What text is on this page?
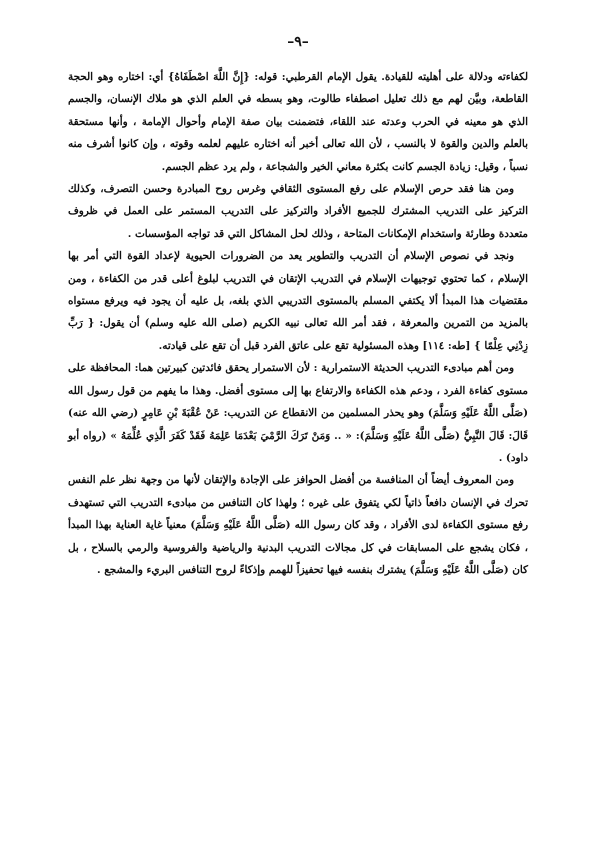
–٩–

لكفاءته ودلالة على أهليته للقيادة. يقول الإمام القرطبي: قوله: {إِنَّ اللَّهَ اصْطَفَاهُ} أي: اختاره وهو الحجة القاطعة، وبيَّن لهم مع ذلك تعليل اصطفاء طالوت، وهو بسطه في العلم الذي هو ملاك الإنسان، والجسم الذي هو معينه في الحرب وعدته عند اللقاء، فتضمنت بيان صفة الإمام وأحوال الإمامة ، وأنها مستحقة بالعلم والدين والقوة لا بالنسب ، لأن الله تعالى أخبر أنه اختاره عليهم لعلمه وقوته ، وإن كانوا أشرف منه نسباً ، وقيل: زيادة الجسم كانت بكثرة معاني الخير والشجاعة ، ولم يرد عظم الجسم.

ومن هنا فقد حرص الإسلام على رفع المستوى الثقافي وغرس روح المبادرة وحسن التصرف، وكذلك التركيز على التدريب المشترك للجميع الأفراد والتركيز على التدريب المستمر على العمل في ظروف متعددة وطارئة واستخدام الإمكانات المتاحة ، وذلك لحل المشاكل التي قد تواجه المؤسسات .

ونجد في نصوص الإسلام أن التدريب والتطوير يعد من الضرورات الحيوية لإعداد القوة التي أمر بها الإسلام ، كما تحتوي توجيهات الإسلام في التدريب الإتقان في التدريب لبلوغ أعلى قدر من الكفاءة ، ومن مقتضيات هذا المبدأ ألا يكتفي المسلم بالمستوى التدريبي الذي بلغه، بل عليه أن يجود فيه ويرفع مستواه بالمزيد من التمرين والمعرفة ، فقد أمر الله تعالى نبيه الكريم (صلى الله عليه وسلم) أن يقول: { رَبِّ زِدْنِي عِلْمًا } [طه: ١١٤] وهذه المسئولية تقع على عاتق الفرد قبل أن تقع على قيادته.

ومن أهم مبادىء التدريب الحديثة الاستمرارية : لأن الاستمرار يحقق فائدتين كبيرتين هما: المحافظة على مستوى كفاءة الفرد ، ودعم هذه الكفاءة والارتفاع بها إلى مستوى أفضل. وهذا ما يفهم من قول رسول الله (صَلَّى اللَّهُ عَلَيْهِ وَسَلَّمَ) وهو يحذر المسلمين من الانقطاع عن التدريب: عَنْ عُقْبَةَ بْنِ عَامِرٍ (رضي الله عنه) قَالَ: قَالَ النَّبِيُّ (صَلَّى اللَّهُ عَلَيْهِ وَسَلَّمَ): « .. وَمَنْ تَرَكَ الرَّمْيَ بَعْدَمَا عَلِمَهُ فَقَدْ كَفَرَ الَّذِي عُلِّمَهُ » (رواه أبو داود) .

ومن المعروف أيضاً أن المنافسة من أفضل الحوافز على الإجادة والإتقان لأنها من وجهة نظر علم النفس تحرك في الإنسان دافعاً ذاتياً لكي يتفوق على غيره ؛ ولهذا كان التنافس من مبادىء التدريب التي تستهدف رفع مستوى الكفاءة لدى الأفراد ، وقد كان رسول الله (صَلَّى اللَّهُ عَلَيْهِ وَسَلَّمَ) معنياً غاية العناية بهذا المبدأ ، فكان يشجع على المسابقات في كل مجالات التدريب البدنية والرياضية والفروسية والرمي بالسلاح ، بل كان (صَلَّى اللَّهُ عَلَيْهِ وَسَلَّمَ) يشترك بنفسه فيها تحفيزاً للهمم وإذكاءً لروح التنافس البريء والمشجع .
